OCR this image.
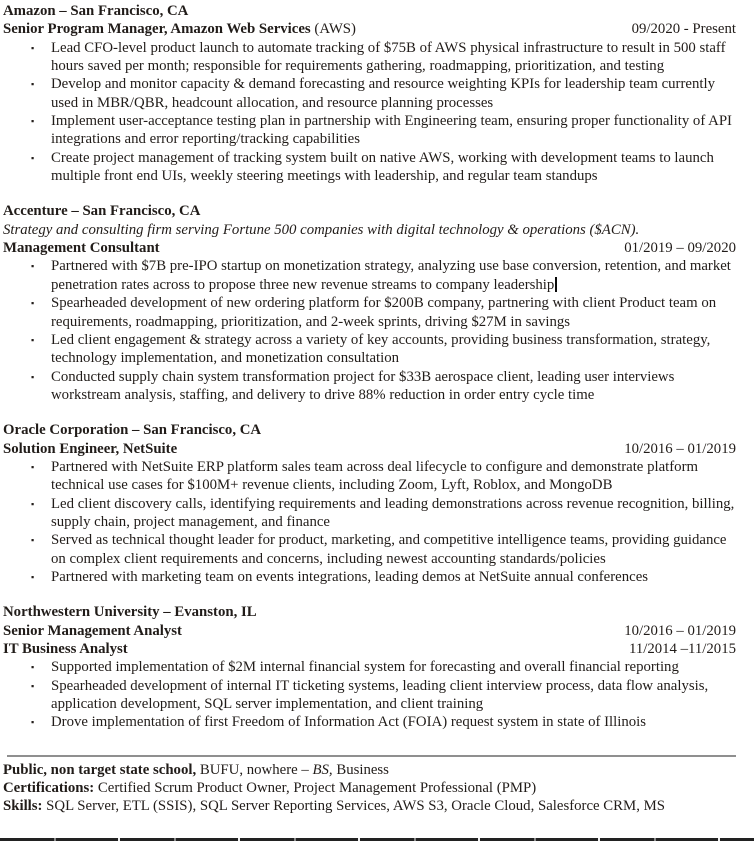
Amazon – San Francisco, CA
Senior Program Manager, Amazon Web Services (AWS)	09/2020 - Present
▪	Lead CFO-level product launch to automate tracking of $75B of AWS physical infrastructure to result in 500 staff hours saved per month; responsible for requirements gathering, roadmapping, prioritization, and testing
▪	Develop and monitor capacity & demand forecasting and resource weighting KPIs for leadership team currently used in MBR/QBR, headcount allocation, and resource planning processes
▪	Implement user-acceptance testing plan in partnership with Engineering team, ensuring proper functionality of API integrations and error reporting/tracking capabilities
▪	Create project management of tracking system built on native AWS, working with development teams to launch multiple front end UIs, weekly steering meetings with leadership, and regular team standups
Accenture – San Francisco, CA
Strategy and consulting firm serving Fortune 500 companies with digital technology & operations ($ACN).
Management Consultant	01/2019 – 09/2020
▪	Partnered with $7B pre-IPO startup on monetization strategy, analyzing use base conversion, retention, and market penetration rates across to propose three new revenue streams to company leadership
▪	Spearheaded development of new ordering platform for $200B company, partnering with client Product team on requirements, roadmapping, prioritization, and 2-week sprints, driving $27M in savings
▪	Led client engagement & strategy across a variety of key accounts, providing business transformation, strategy, technology implementation, and monetization consultation
▪	Conducted supply chain system transformation project for $33B aerospace client, leading user interviews workstream analysis, staffing, and delivery to drive 88% reduction in order entry cycle time
Oracle Corporation – San Francisco, CA
Solution Engineer, NetSuite	10/2016 – 01/2019
▪	Partnered with NetSuite ERP platform sales team across deal lifecycle to configure and demonstrate platform technical use cases for $100M+ revenue clients, including Zoom, Lyft, Roblox, and MongoDB
▪	Led client discovery calls, identifying requirements and leading demonstrations across revenue recognition, billing, supply chain, project management, and finance
▪	Served as technical thought leader for product, marketing, and competitive intelligence teams, providing guidance on complex client requirements and concerns, including newest accounting standards/policies
▪	Partnered with marketing team on events integrations, leading demos at NetSuite annual conferences
Northwestern University – Evanston, IL
Senior Management Analyst	10/2016 – 01/2019
IT Business Analyst	11/2014 –11/2015
▪	Supported implementation of $2M internal financial system for forecasting and overall financial reporting
▪	Spearheaded development of internal IT ticketing systems, leading client interview process, data flow analysis, application development, SQL server implementation, and client training
▪	Drove implementation of first Freedom of Information Act (FOIA) request system in state of Illinois
Public, non target state school, BUFU, nowhere – BS, Business
Certifications: Certified Scrum Product Owner, Project Management Professional (PMP)
Skills: SQL Server, ETL (SSIS), SQL Server Reporting Services, AWS S3, Oracle Cloud, Salesforce CRM, MS
